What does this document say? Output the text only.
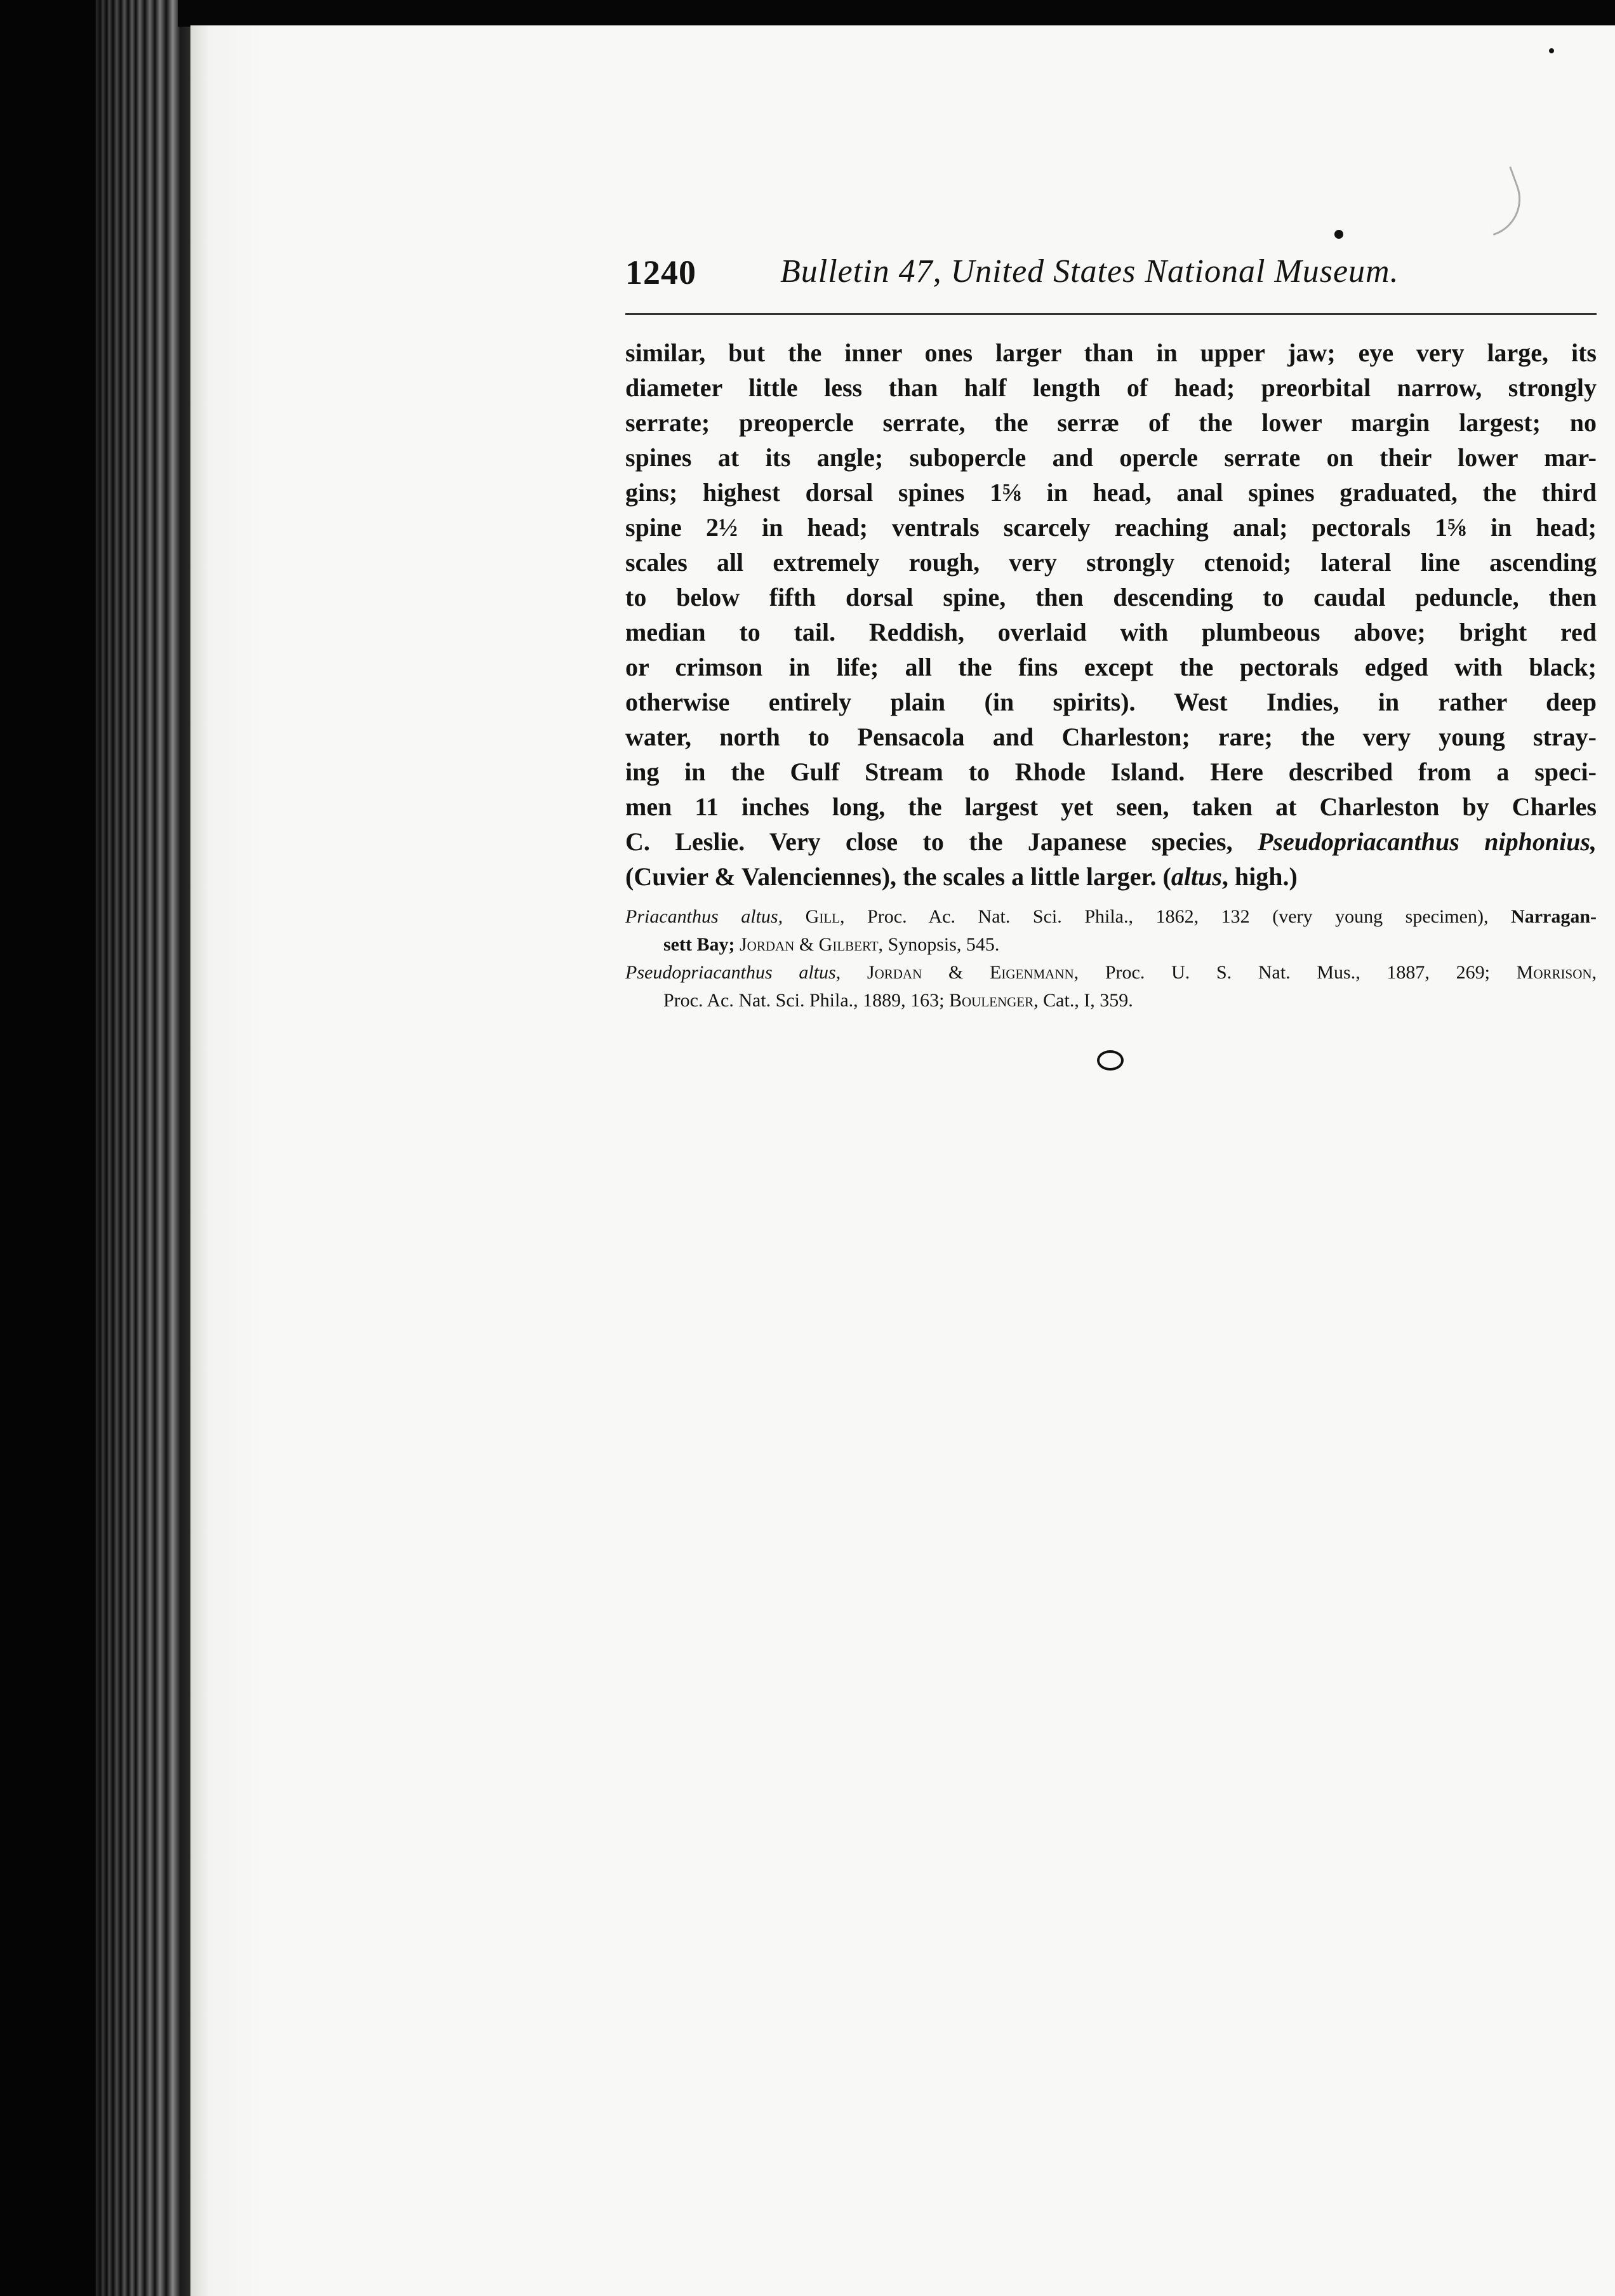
1240	Bulletin 47, United States National Museum.
similar, but the inner ones larger than in upper jaw; eye very large, its
diameter little less than half length of head; preorbital narrow, strongly
serrate; preopercle serrate, the serræ of the lower margin largest; no
spines at its angle; subopercle and opercle serrate on their lower mar-
gins; highest dorsal spines 1⅝ in head, anal spines graduated, the third
spine 2½ in head; ventrals scarcely reaching anal; pectorals 1⅝ in head;
scales all extremely rough, very strongly ctenoid; lateral line ascending
to below fifth dorsal spine, then descending to caudal peduncle, then
median to tail. Reddish, overlaid with plumbeous above; bright red
or crimson in life; all the fins except the pectorals edged with black;
otherwise entirely plain (in spirits). West Indies, in rather deep
water, north to Pensacola and Charleston; rare; the very young stray-
ing in the Gulf Stream to Rhode Island. Here described from a speci-
men 11 inches long, the largest yet seen, taken at Charleston by Charles
C. Leslie. Very close to the Japanese species, Pseudopriacanthus niphonius,
(Cuvier & Valenciennes), the scales a little larger. (altus, high.)
Priacanthus altus, Gill, Proc. Ac. Nat. Sci. Phila., 1862, 132 (very young specimen), Narragan-
sett Bay; Jordan & Gilbert, Synopsis, 545.
Pseudopriacanthus altus, Jordan & Eigenmann, Proc. U. S. Nat. Mus., 1887, 269; Morrison,
Proc. Ac. Nat. Sci. Phila., 1889, 163; Boulenger, Cat., I, 359.
